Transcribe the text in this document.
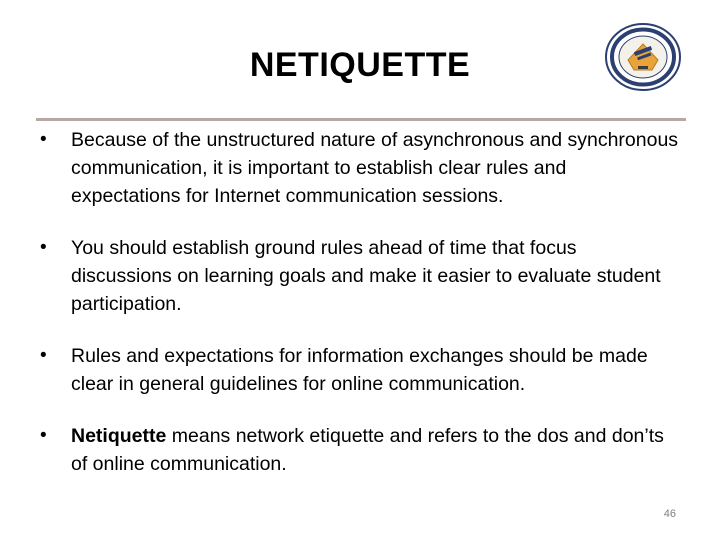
NETIQUETTE
• Because of the unstructured nature of asynchronous and synchronous communication, it is important to establish clear rules and expectations for Internet communication sessions.
• You should establish ground rules ahead of time that focus discussions on learning goals and make it easier to evaluate student participation.
• Rules and expectations for information exchanges should be made clear in general guidelines for online communication.
• Netiquette means network etiquette and refers to the dos and don’ts of online communication.
46
